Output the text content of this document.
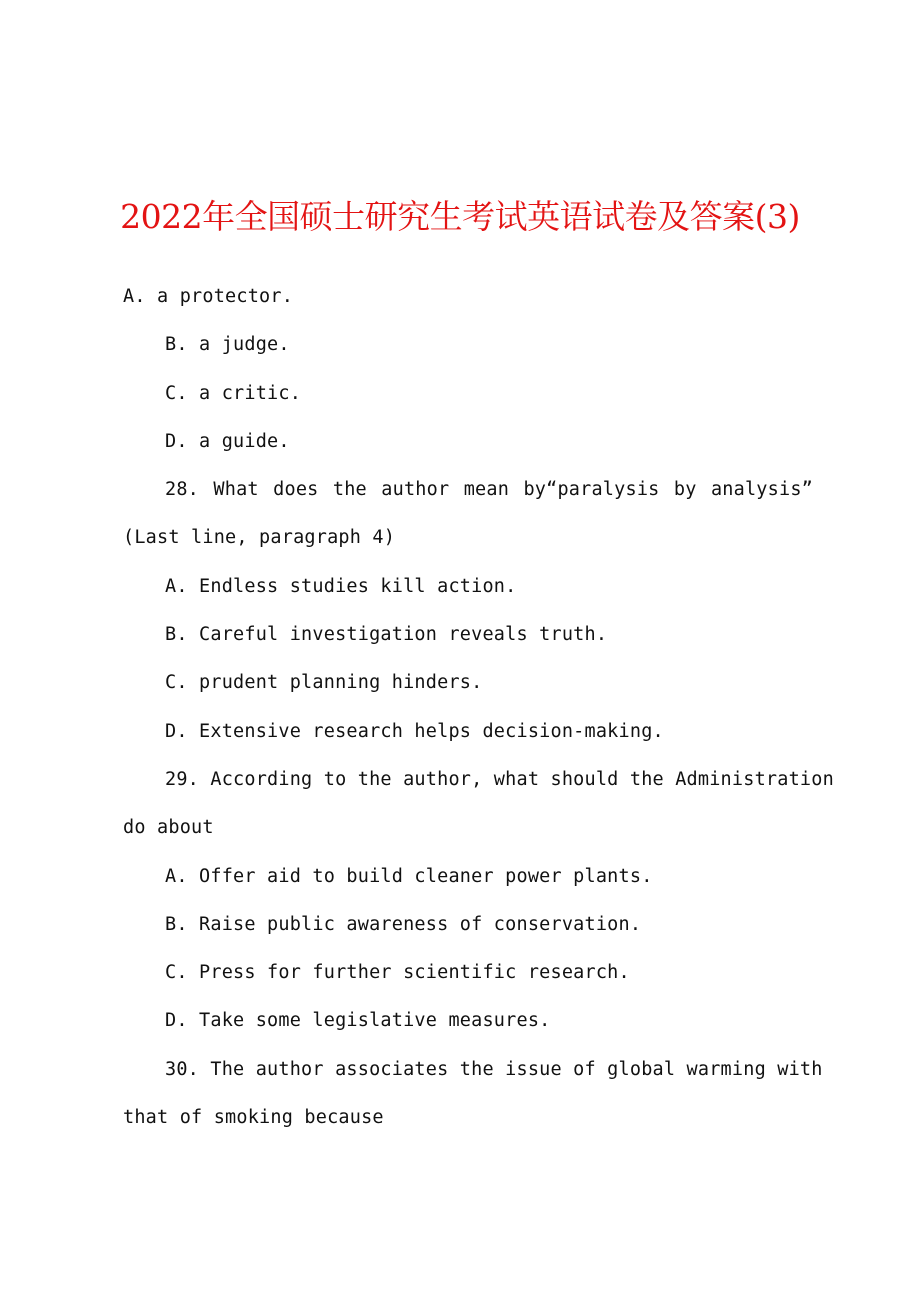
2022年全国硕士研究生考试英语试卷及答案(3)
A. a protector.
B. a judge.
C. a critic.
D. a guide.
28. What does the author mean by“paralysis by analysis”
(Last line, paragraph 4)
A. Endless studies kill action.
B. Careful investigation reveals truth.
C. prudent planning hinders.
D. Extensive research helps decision-making.
29. According to the author, what should the Administration
do about
A. Offer aid to build cleaner power plants.
B. Raise public awareness of conservation.
C. Press for further scientific research.
D. Take some legislative measures.
30. The author associates the issue of global warming with
that of smoking because
